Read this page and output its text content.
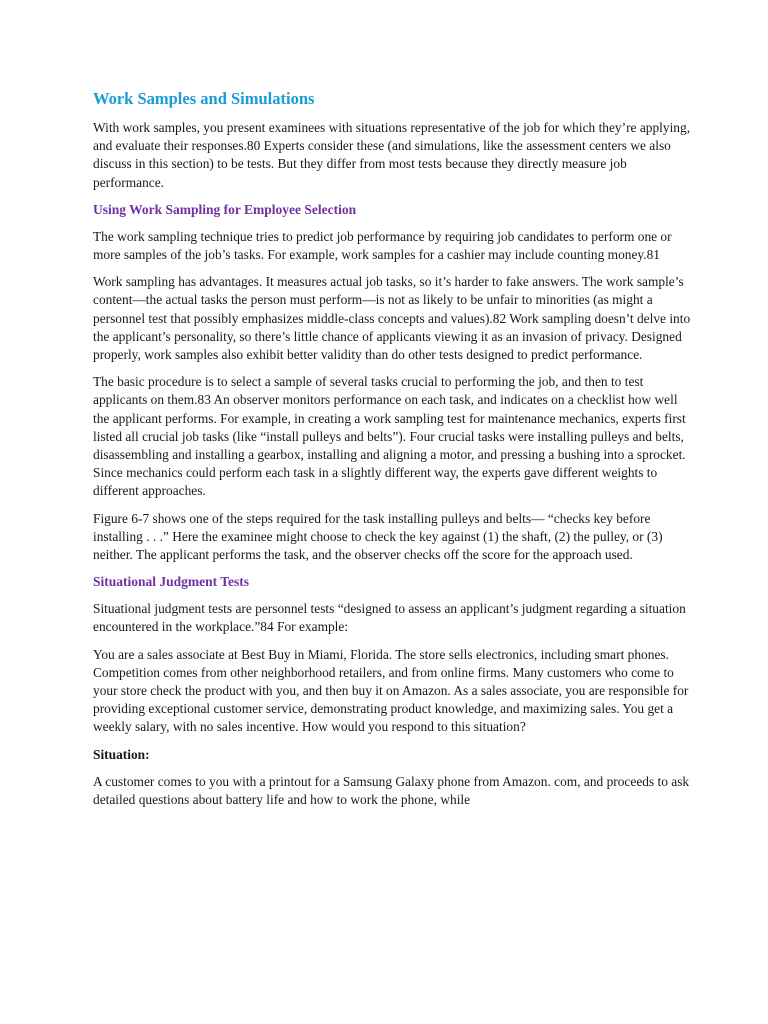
Work Samples and Simulations

With work samples, you present examinees with situations representative of the job for which they’re applying, and evaluate their responses.80 Experts consider these (and simulations, like the assessment centers we also discuss in this section) to be tests. But they differ from most tests because they directly measure job performance.

Using Work Sampling for Employee Selection

The work sampling technique tries to predict job performance by requiring job candidates to perform one or more samples of the job’s tasks. For example, work samples for a cashier may include counting money.81

Work sampling has advantages. It measures actual job tasks, so it’s harder to fake answers. The work sample’s content—the actual tasks the person must perform—is not as likely to be unfair to minorities (as might a personnel test that possibly emphasizes middle-class concepts and values).82 Work sampling doesn’t delve into the applicant’s personality, so there’s little chance of applicants viewing it as an invasion of privacy. Designed properly, work samples also exhibit better validity than do other tests designed to predict performance.

The basic procedure is to select a sample of several tasks crucial to performing the job, and then to test applicants on them.83 An observer monitors performance on each task, and indicates on a checklist how well the applicant performs. For example, in creating a work sampling test for maintenance mechanics, experts first listed all crucial job tasks (like “install pulleys and belts”). Four crucial tasks were installing pulleys and belts, disassembling and installing a gearbox, installing and aligning a motor, and pressing a bushing into a sprocket. Since mechanics could perform each task in a slightly different way, the experts gave different weights to different approaches.

Figure 6-7 shows one of the steps required for the task installing pulleys and belts— “checks key before installing . . .” Here the examinee might choose to check the key against (1) the shaft, (2) the pulley, or (3) neither. The applicant performs the task, and the observer checks off the score for the approach used.

Situational Judgment Tests

Situational judgment tests are personnel tests “designed to assess an applicant’s judgment regarding a situation encountered in the workplace.”84 For example:

You are a sales associate at Best Buy in Miami, Florida. The store sells electronics, including smart phones. Competition comes from other neighborhood retailers, and from online firms. Many customers who come to your store check the product with you, and then buy it on Amazon. As a sales associate, you are responsible for providing exceptional customer service, demonstrating product knowledge, and maximizing sales. You get a weekly salary, with no sales incentive. How would you respond to this situation?

Situation:

A customer comes to you with a printout for a Samsung Galaxy phone from Amazon. com, and proceeds to ask detailed questions about battery life and how to work the phone, while
